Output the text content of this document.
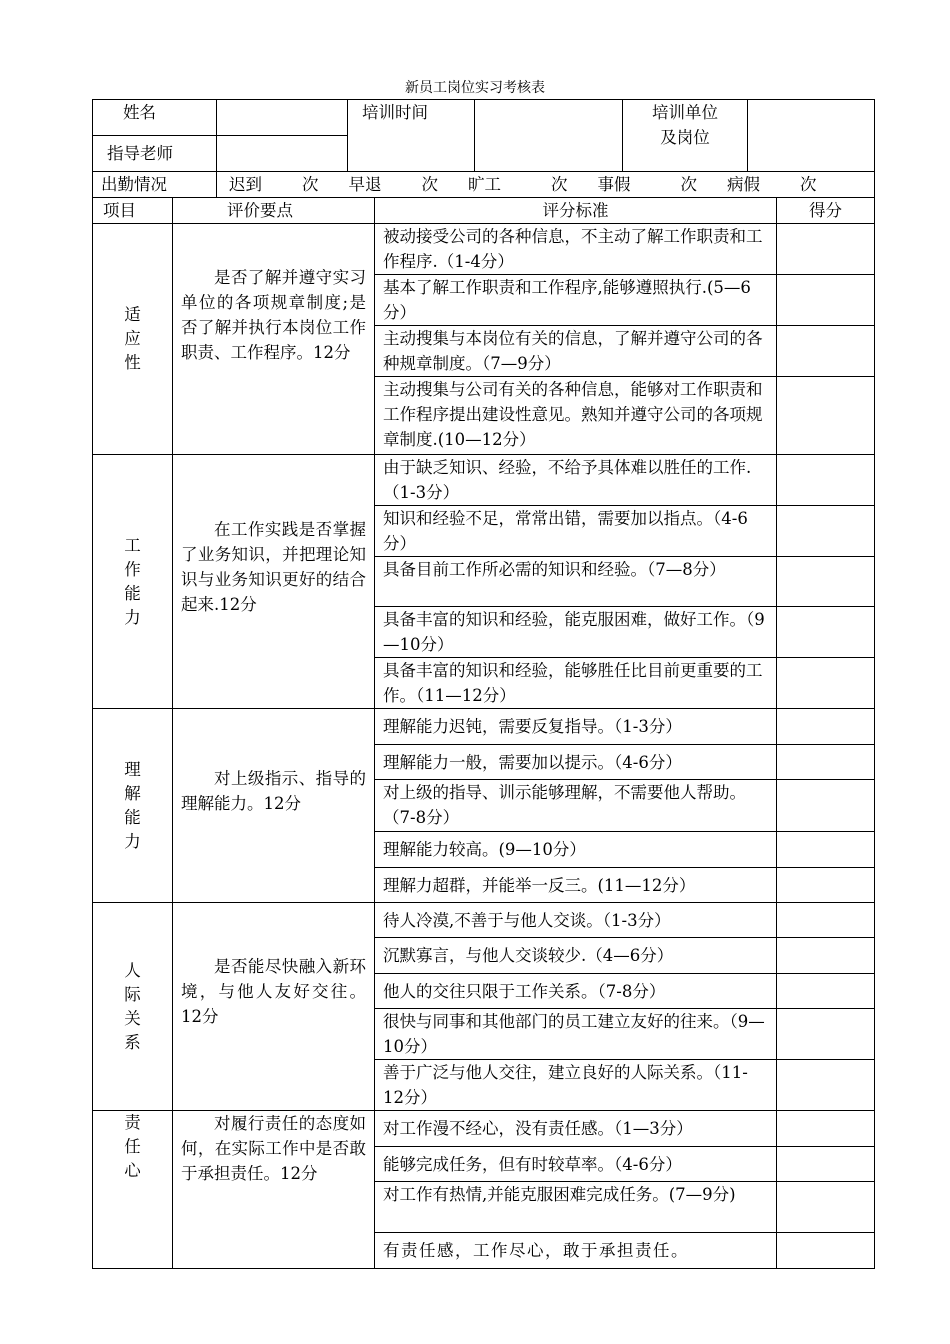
新员工岗位实习考核表
姓名		培训时间		培训单位
及岗位	
指导老师					
出勤情况	迟到 次 早退 次 旷工 次 事假 次 病假 次				
项目	评价要点	评分标准	得分
适
应
性	是否了解并遵守实习单位的各项规章制度;是否了解并执行本岗位工作职责、工作程序。12分	被动接受公司的各种信息，不主动了解工作职责和工作程序.（1-4分）	
		基本了解工作职责和工作程序,能够遵照执行.(5—6分）	
		主动搜集与本岗位有关的信息，了解并遵守公司的各种规章制度。（7—9分）	
		主动搜集与公司有关的各种信息，能够对工作职责和工作程序提出建设性意见。熟知并遵守公司的各项规章制度.(10—12分）	
工
作
能
力	在工作实践是否掌握了业务知识，并把理论知识与业务知识更好的结合起来.12分	由于缺乏知识、经验，不给予具体难以胜任的工作.（1-3分）	
		知识和经验不足，常常出错，需要加以指点。（4-6分）	
		具备目前工作所必需的知识和经验。（7—8分）	
		具备丰富的知识和经验，能克服困难，做好工作。（9—10分）	
		具备丰富的知识和经验，能够胜任比目前更重要的工作。（11—12分）	
理
解
能
力	对上级指示、指导的理解能力。12分	理解能力迟钝，需要反复指导。（1-3分）	
		理解能力一般，需要加以提示。（4-6分）	
		对上级的指导、训示能够理解，不需要他人帮助。（7-8分）	
		理解能力较高。(9—10分）	
		理解力超群，并能举一反三。(11—12分）	
人
际
关
系	是否能尽快融入新环境，与他人友好交往。12分	待人冷漠,不善于与他人交谈。（1-3分）	
		沉默寡言，与他人交谈较少.（4—6分）	
		他人的交往只限于工作关系。（7-8分）	
		很快与同事和其他部门的员工建立友好的往来。（9—10分）	
		善于广泛与他人交往，建立良好的人际关系。（11-12分）	
责
任
心	对履行责任的态度如何，在实际工作中是否敢于承担责任。12分	对工作漫不经心，没有责任感。（1—3分）	
		能够完成任务，但有时较草率。（4-6分）	
		对工作有热情,并能克服困难完成任务。(7—9分)	
		有责任感，工作尽心，敢于承担责任。	
